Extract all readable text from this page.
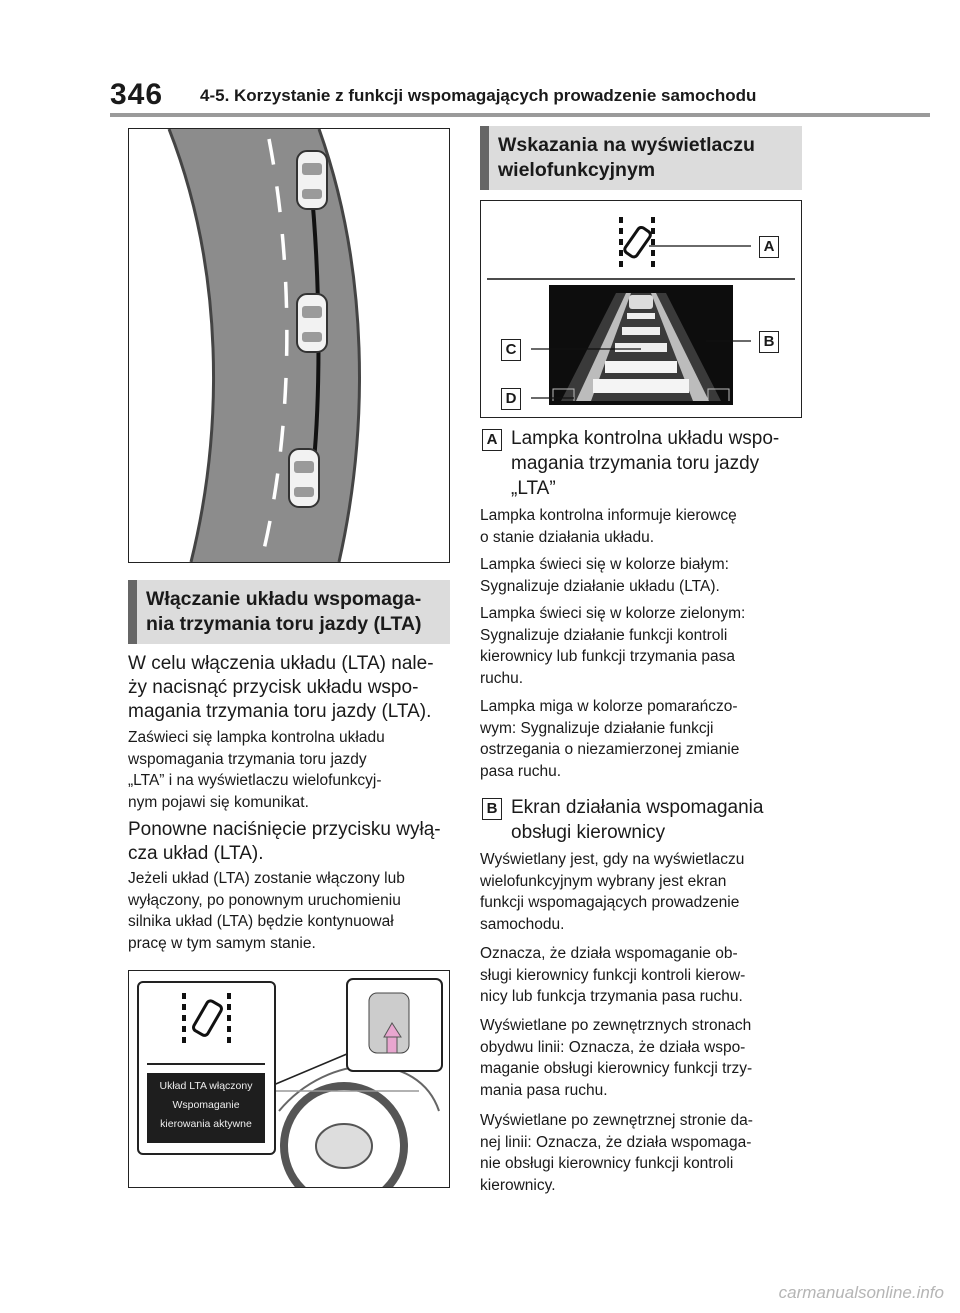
346 4-5. Korzystanie z funkcji wspomagających prowadzenie samochodu
Włączanie układu wspomaga-
nia trzymania toru jazdy (LTA)
W celu włączenia układu (LTA) nale-
ży nacisnąć przycisk układu wspo-
magania trzymania toru jazdy (LTA).
Zaświeci się lampka kontrolna układu
wspomagania trzymania toru jazdy
„LTA” i na wyświetlaczu wielofunkcyj-
nym pojawi się komunikat.
Ponowne naciśnięcie przycisku wyłą-
cza układ (LTA).
Jeżeli układ (LTA) zostanie włączony lub
wyłączony, po ponownym uruchomieniu
silnika układ (LTA) będzie kontynuował
pracę w tym samym stanie.
Układ LTA włączony
Wspomaganie
kierowania aktywne
Wskazania na wyświetlaczu
wielofunkcyjnym
A
B
C
D
A Lampka kontrolna układu wspo-
magania trzymania toru jazdy
„LTA”
Lampka kontrolna informuje kierowcę
o stanie działania układu.
Lampka świeci się w kolorze białym:
Sygnalizuje działanie układu (LTA).
Lampka świeci się w kolorze zielonym:
Sygnalizuje działanie funkcji kontroli
kierownicy lub funkcji trzymania pasa
ruchu.
Lampka miga w kolorze pomarańczo-
wym: Sygnalizuje działanie funkcji
ostrzegania o niezamierzonej zmianie
pasa ruchu.
B Ekran działania wspomagania
obsługi kierownicy
Wyświetlany jest, gdy na wyświetlaczu
wielofunkcyjnym wybrany jest ekran
funkcji wspomagających prowadzenie
samochodu.
Oznacza, że działa wspomaganie ob-
sługi kierownicy funkcji kontroli kierow-
nicy lub funkcja trzymania pasa ruchu.
Wyświetlane po zewnętrznych stronach
obydwu linii: Oznacza, że działa wspo-
maganie obsługi kierownicy funkcji trzy-
mania pasa ruchu.
Wyświetlane po zewnętrznej stronie da-
nej linii: Oznacza, że działa wspomaga-
nie obsługi kierownicy funkcji kontroli
kierownicy.
carmanualsonline.info
